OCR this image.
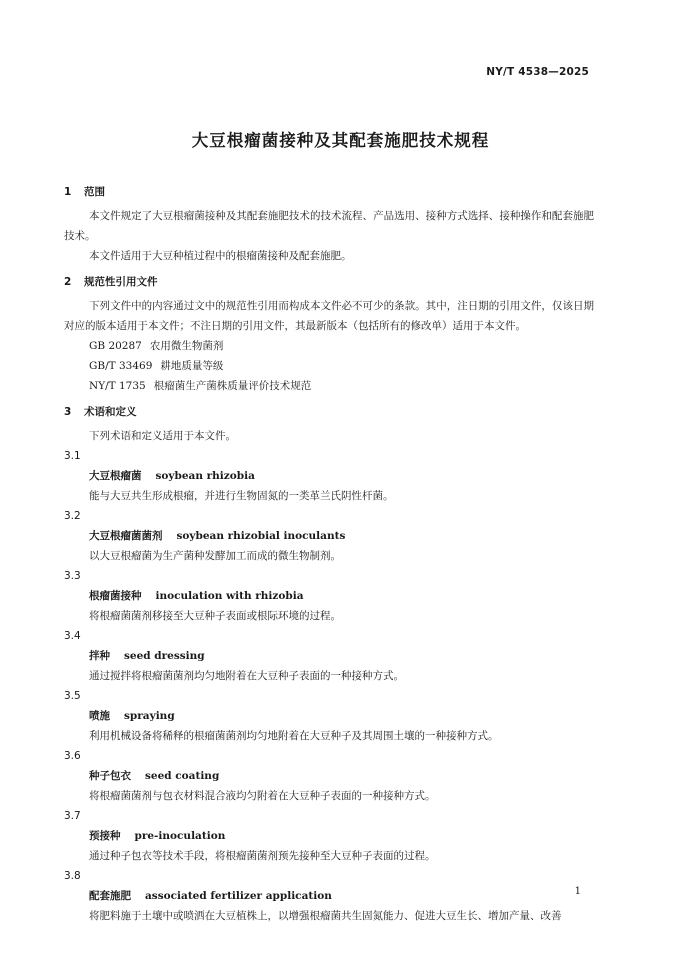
NY/T 4538—2025
大豆根瘤菌接种及其配套施肥技术规程
1 范围

本文件规定了大豆根瘤菌接种及其配套施肥技术的技术流程、产品选用、接种方式选择、接种操作和配套施肥技术。

本文件适用于大豆种植过程中的根瘤菌接种及配套施肥。

2 规范性引用文件

下列文件中的内容通过文中的规范性引用而构成本文件必不可少的条款。其中，注日期的引用文件，仅该日期对应的版本适用于本文件；不注日期的引用文件，其最新版本（包括所有的修改单）适用于本文件。

GB 20287 农用微生物菌剂

GB/T 33469 耕地质量等级

NY/T 1735 根瘤菌生产菌株质量评价技术规范

3 术语和定义

下列术语和定义适用于本文件。

3.1
大豆根瘤菌 soybean rhizobia

能与大豆共生形成根瘤，并进行生物固氮的一类革兰氏阴性杆菌。

3.2
大豆根瘤菌菌剂 soybean rhizobial inoculants

以大豆根瘤菌为生产菌种发酵加工而成的微生物制剂。

3.3
根瘤菌接种 inoculation with rhizobia

将根瘤菌菌剂移接至大豆种子表面或根际环境的过程。

3.4
拌种 seed dressing

通过搅拌将根瘤菌菌剂均匀地附着在大豆种子表面的一种接种方式。

3.5
喷施 spraying

利用机械设备将稀释的根瘤菌菌剂均匀地附着在大豆种子及其周围土壤的一种接种方式。

3.6
种子包衣 seed coating

将根瘤菌菌剂与包衣材料混合液均匀附着在大豆种子表面的一种接种方式。

3.7
预接种 pre-inoculation

通过种子包衣等技术手段，将根瘤菌菌剂预先接种至大豆种子表面的过程。

3.8
配套施肥 associated fertilizer application

将肥料施于土壤中或喷洒在大豆植株上，以增强根瘤菌共生固氮能力、促进大豆生长、增加产量、改善

1
